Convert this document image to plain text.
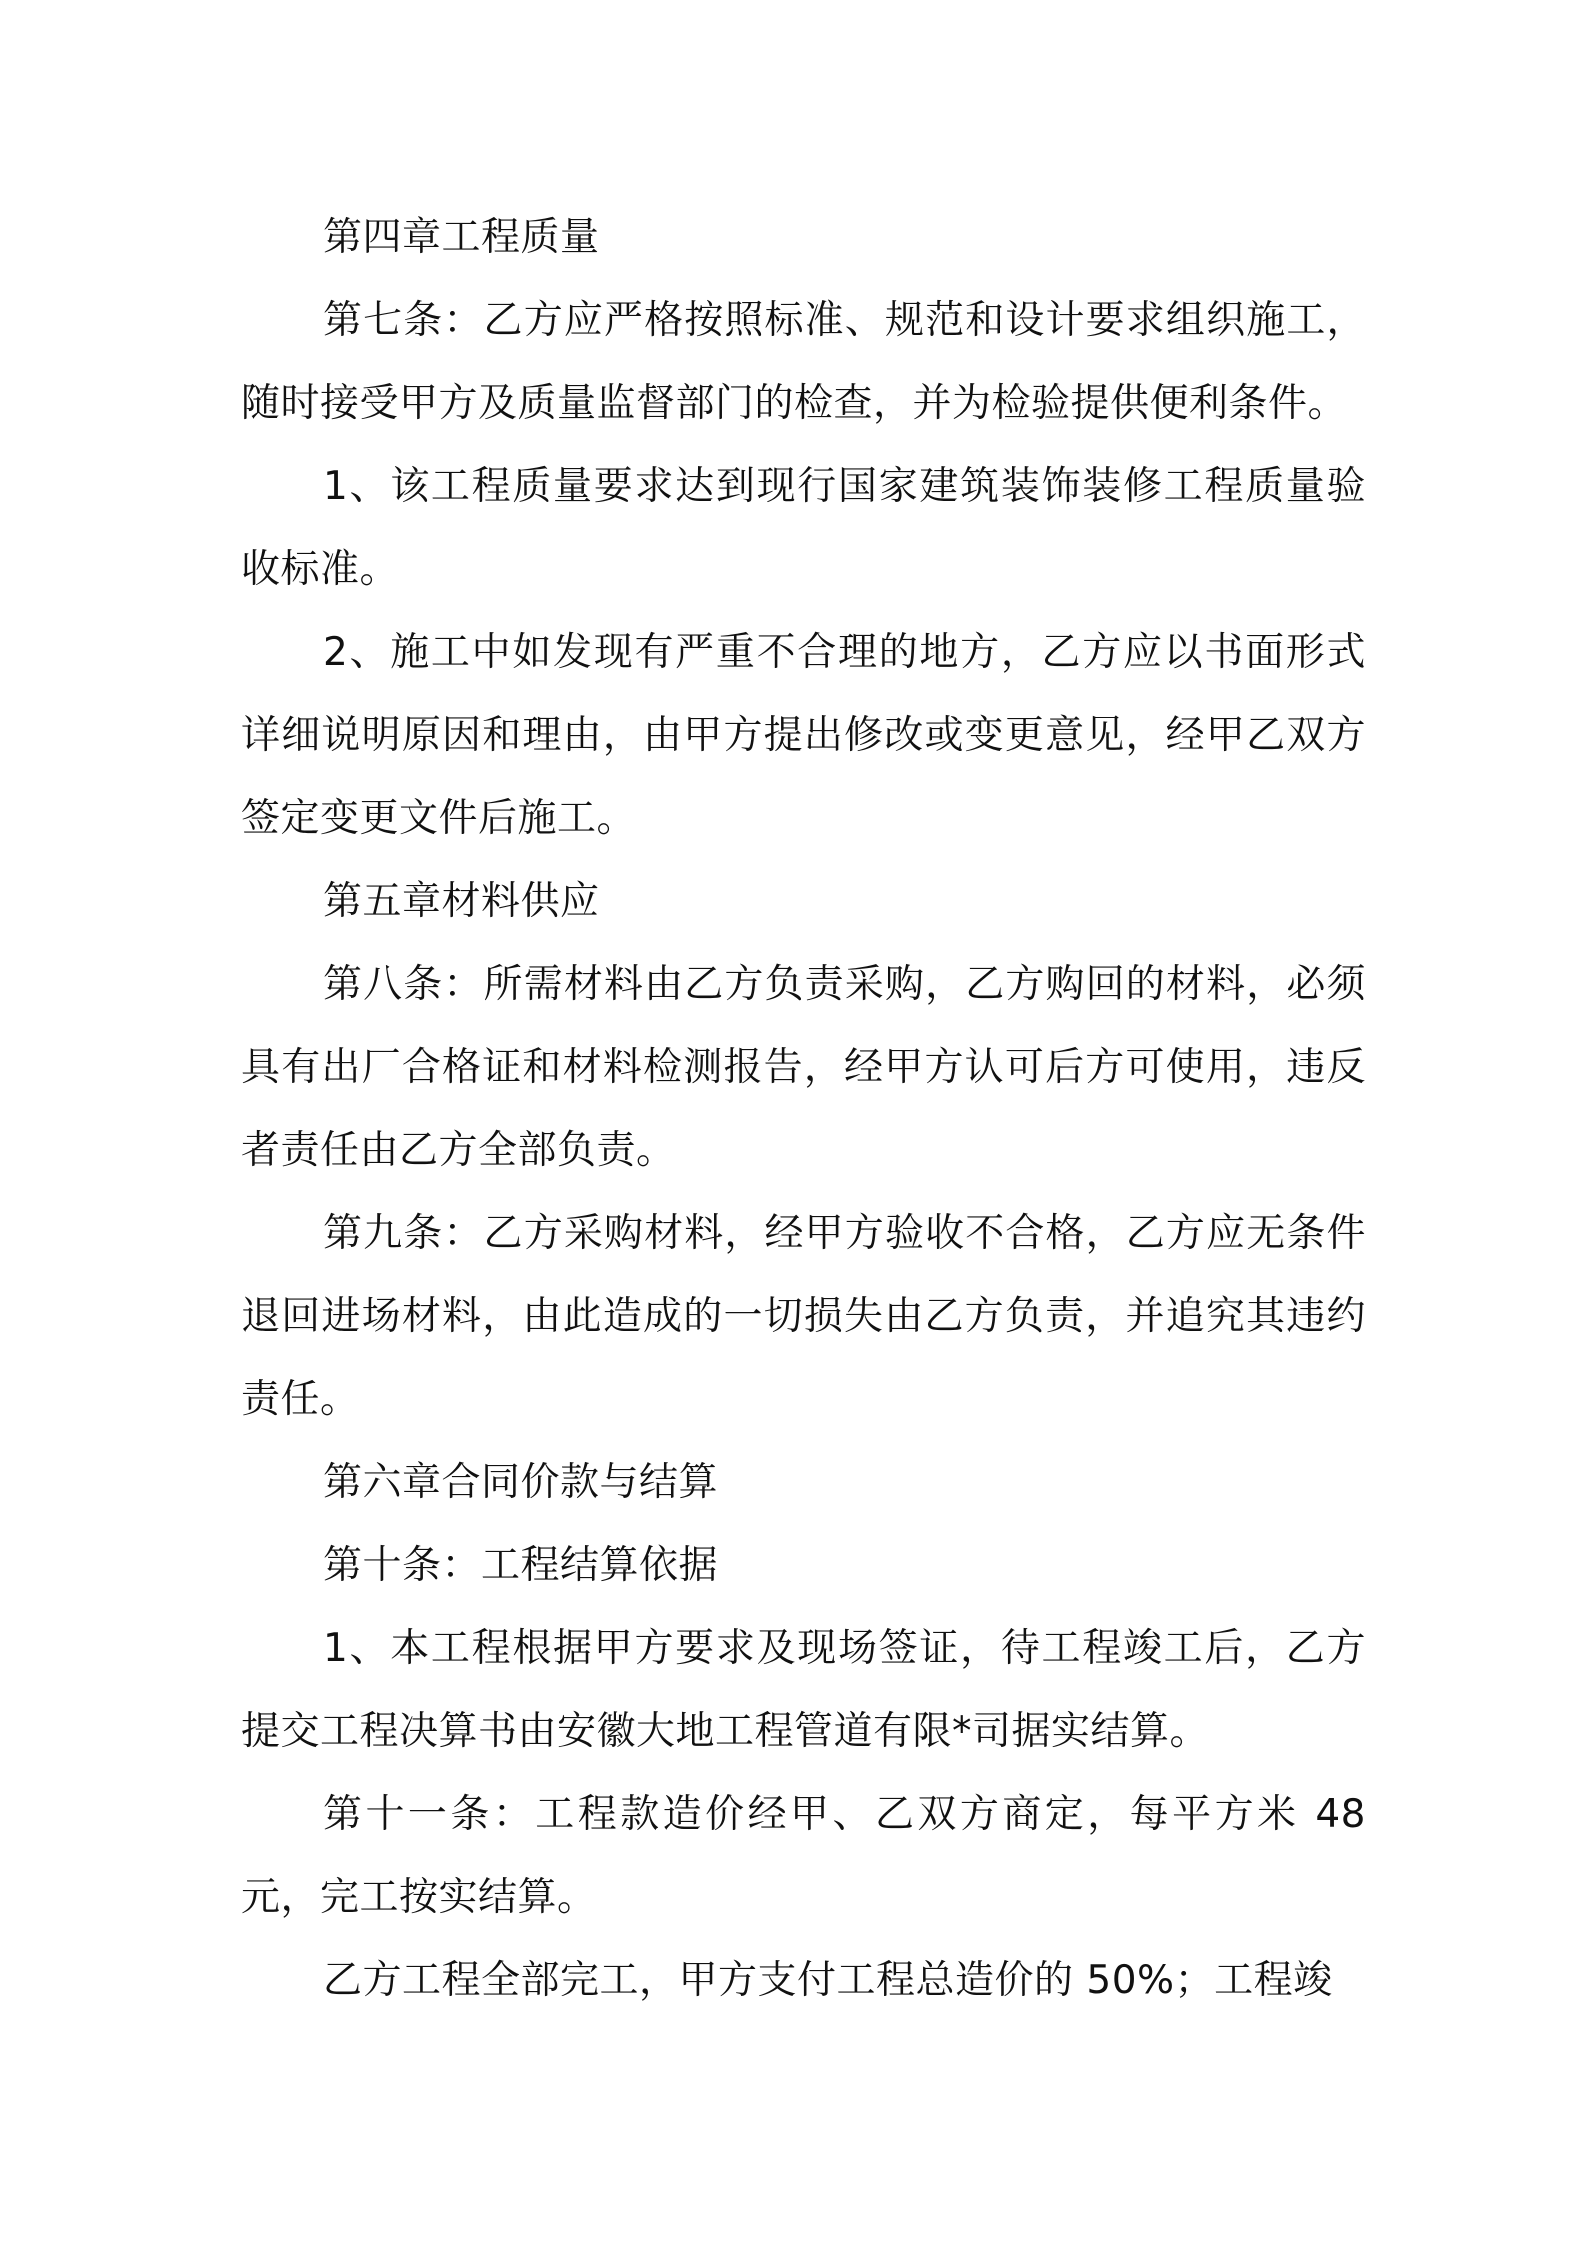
第四章工程质量

第七条：乙方应严格按照标准、规范和设计要求组织施工，随时接受甲方及质量监督部门的检查，并为检验提供便利条件。

1、该工程质量要求达到现行国家建筑装饰装修工程质量验收标准。

2、施工中如发现有严重不合理的地方，乙方应以书面形式详细说明原因和理由，由甲方提出修改或变更意见，经甲乙双方签定变更文件后施工。

第五章材料供应

第八条：所需材料由乙方负责采购，乙方购回的材料，必须具有出厂合格证和材料检测报告，经甲方认可后方可使用，违反者责任由乙方全部负责。

第九条：乙方采购材料，经甲方验收不合格，乙方应无条件退回进场材料，由此造成的一切损失由乙方负责，并追究其违约责任。

第六章合同价款与结算

第十条：工程结算依据

1、本工程根据甲方要求及现场签证，待工程竣工后，乙方提交工程决算书由安徽大地工程管道有限*司据实结算。

第十一条：工程款造价经甲、乙双方商定，每平方米 48 元，完工按实结算。

乙方工程全部完工，甲方支付工程总造价的 50%；工程竣
